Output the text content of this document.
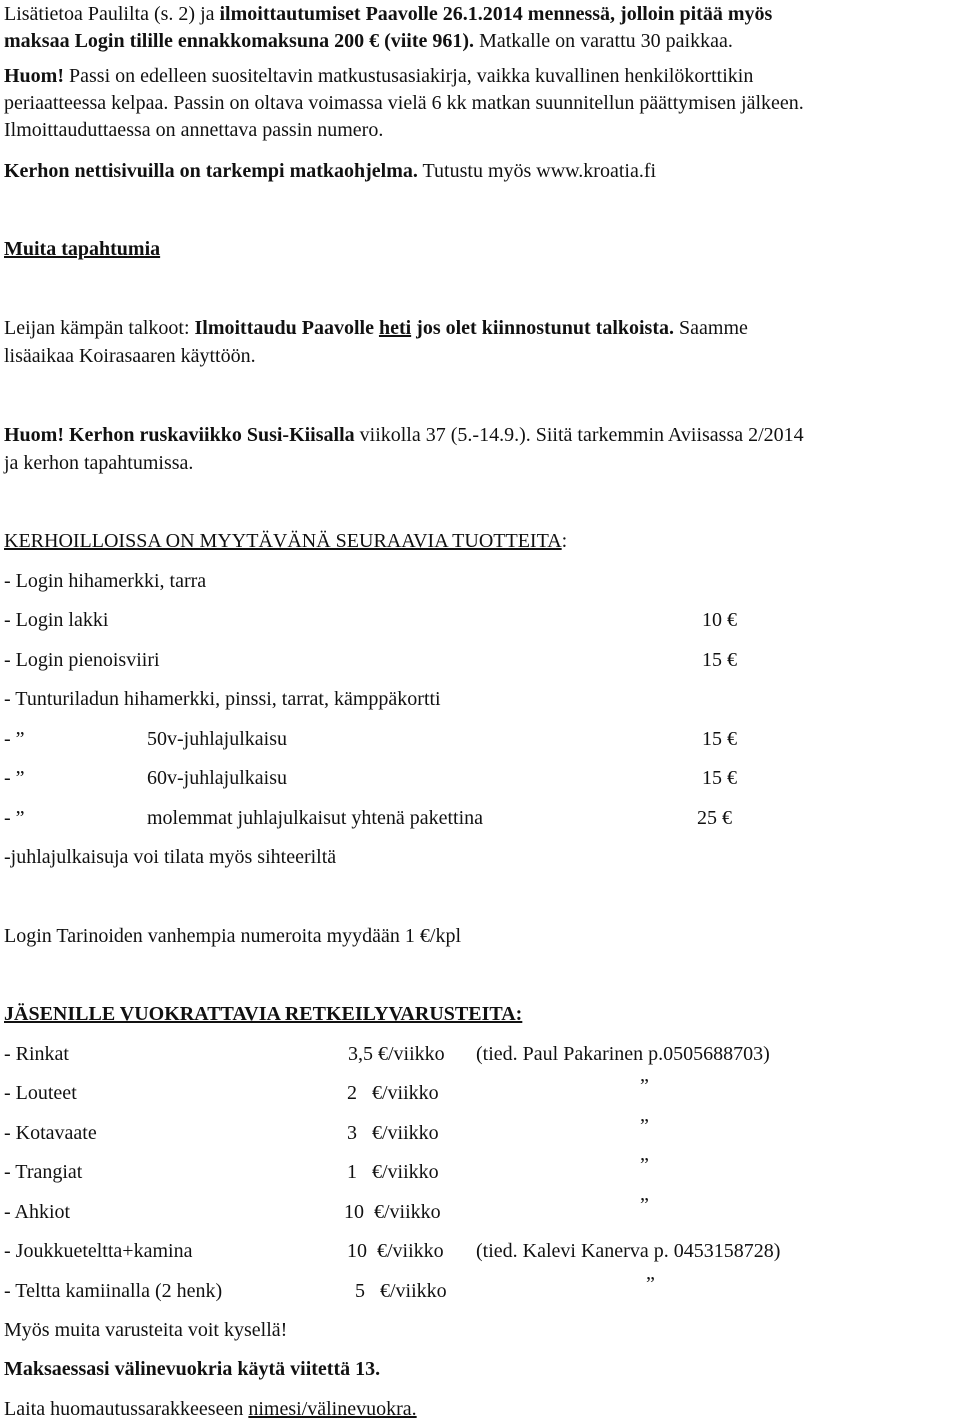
Lisätietoa Paulilta (s. 2) ja ilmoittautumiset Paavolle 26.1.2014 mennessä, jolloin pitää myös
maksaa Login tilille ennakkomaksuna 200 € (viite 961). Matkalle on varattu 30 paikkaa.
Huom! Passi on edelleen suositeltavin matkustusasiakirja, vaikka kuvallinen henkilökorttikin
periaatteessa kelpaa. Passin on oltava voimassa vielä 6 kk matkan suunnitellun päättymisen jälkeen.
Ilmoittauduttaessa on annettava passin numero.
Kerhon nettisivuilla on tarkempi matkaohjelma. Tutustu myös www.kroatia.fi
Muita tapahtumia
Leijan kämpän talkoot: Ilmoittaudu Paavolle heti jos olet kiinnostunut talkoista. Saamme
lisäaikaa Koirasaaren käyttöön.
Huom! Kerhon ruskaviikko Susi-Kiisalla viikolla 37 (5.-14.9.). Siitä tarkemmin Aviisassa 2/2014
ja kerhon tapahtumissa.
KERHOILLOISSA ON MYYTÄVÄNÄ SEURAAVIA TUOTTEITA:
- Login hihamerkki, tarra
- Login lakki	10 €
- Login pienoisviiri	15 €
- Tunturiladun hihamerkki, pinssi, tarrat, kämppäkortti
- ”	50v-juhlajulkaisu	15 €
- ”	60v-juhlajulkaisu	15 €
- ”	molemmat juhlajulkaisut yhtenä pakettina	25 €
-juhlajulkaisuja voi tilata myös sihteeriltä
Login Tarinoiden vanhempia numeroita myydään 1 €/kpl
JÄSENILLE VUOKRATTAVIA RETKEILYVARUSTEITA:
- Rinkat	3,5 €/viikko (tied. Paul Pakarinen p.0505688703)
- Louteet	2   €/viikko	”
- Kotavaate	3   €/viikko	”
- Trangiat	1   €/viikko	”
- Ahkiot	10  €/viikko	”
- Joukkueteltta+kamina	10  €/viikko (tied. Kalevi Kanerva p. 0453158728)
- Teltta kamiinalla (2 henk)	5   €/viikko	”
Myös muita varusteita voit kysellä!
Maksaessasi välinevuokria käytä viitettä 13.
Laita huomautussarakkeeseen nimesi/välinevuokra.
